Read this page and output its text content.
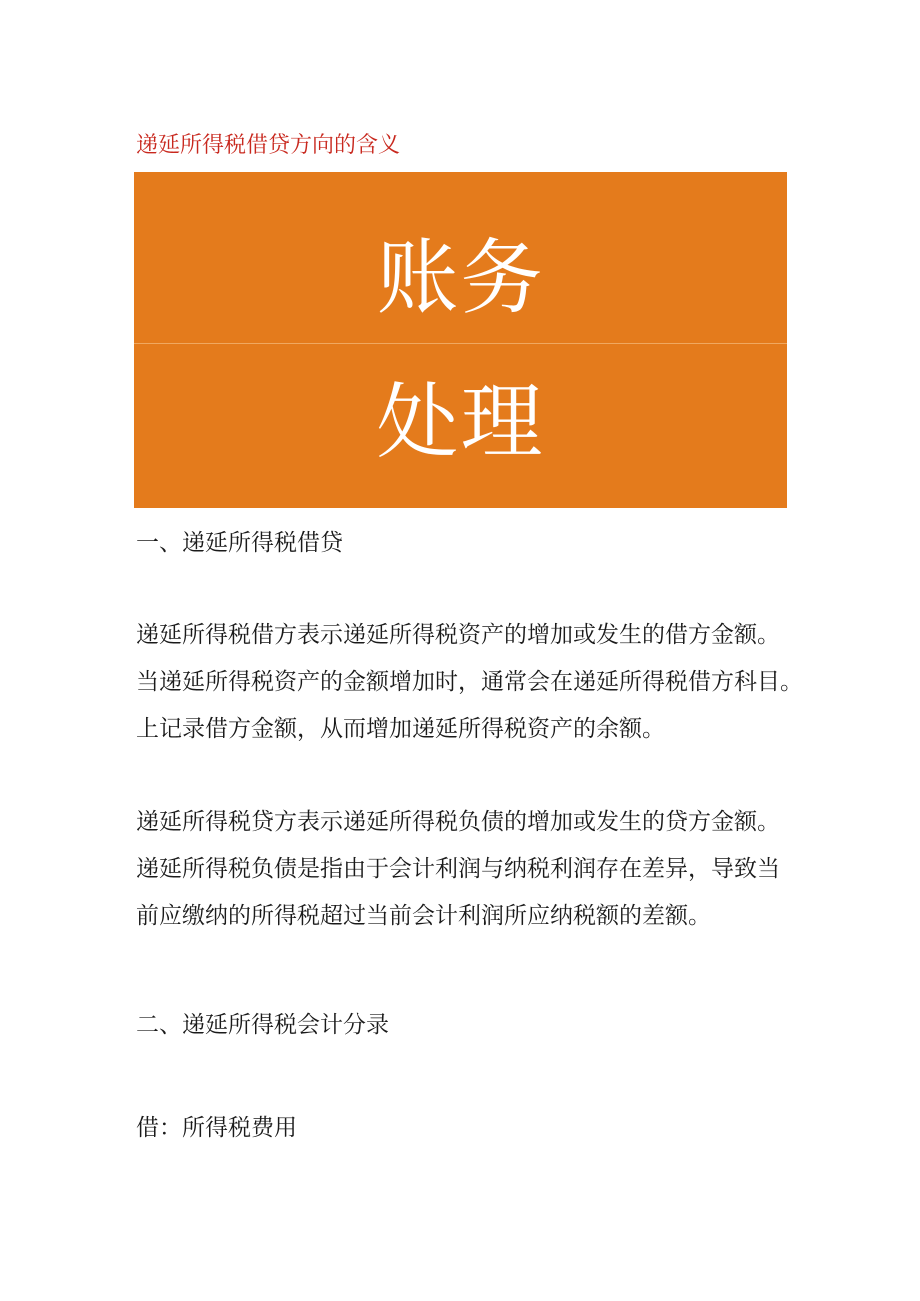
递延所得税借贷方向的含义
账务
处理
一、递延所得税借贷
递延所得税借方表示递延所得税资产的增加或发生的借方金额。
当递延所得税资产的金额增加时，通常会在递延所得税借方科目。
上记录借方金额，从而增加递延所得税资产的余额。
递延所得税贷方表示递延所得税负债的增加或发生的贷方金额。
递延所得税负债是指由于会计利润与纳税利润存在差异，导致当
前应缴纳的所得税超过当前会计利润所应纳税额的差额。
二、递延所得税会计分录
借：所得税费用
